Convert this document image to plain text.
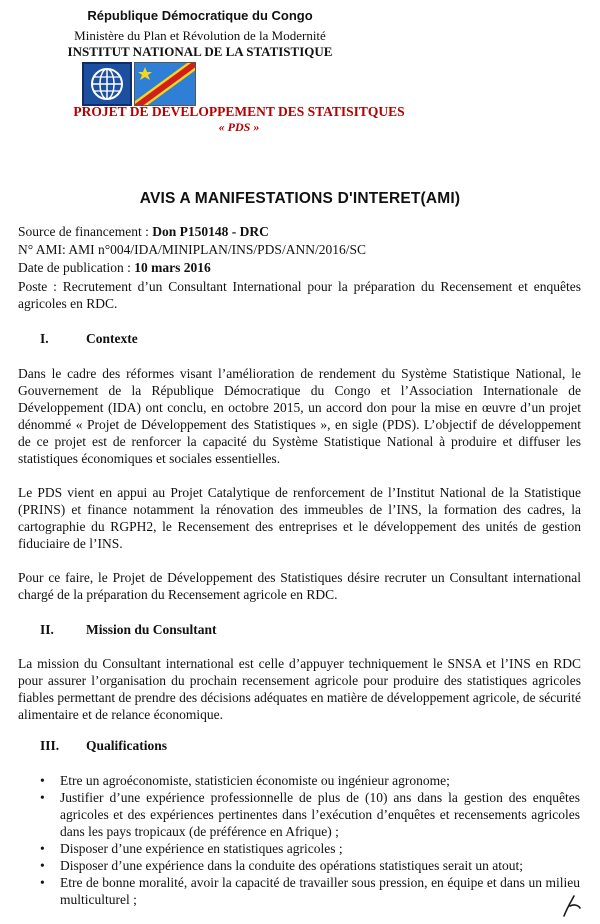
République Démocratique du Congo
Ministère du Plan et Révolution de la Modernité
INSTITUT NATIONAL DE LA STATISTIQUE
PROJET DE DEVELOPPEMENT DES STATISITQUES
« PDS »
AVIS A MANIFESTATIONS D'INTERET(AMI)
Source de financement : Don P150148 - DRC
N° AMI: AMI n°004/IDA/MINIPLAN/INS/PDS/ANN/2016/SC
Date de publication : 10 mars 2016

Poste : Recrutement d’un Consultant International pour la préparation du Recensement et enquêtes agricoles en RDC.

I.	Contexte

Dans le cadre des réformes visant l’amélioration de rendement du Système Statistique National, le Gouvernement de la République Démocratique du Congo et l’Association Internationale de Développement (IDA) ont conclu, en octobre 2015, un accord don pour la mise en œuvre d’un projet dénommé « Projet de Développement des Statistiques », en sigle (PDS). L’objectif de développement de ce projet est de renforcer la capacité du Système Statistique National à produire et diffuser les statistiques économiques et sociales essentielles.

Le PDS vient en appui au Projet Catalytique de renforcement de l’Institut National de la Statistique (PRINS) et finance notamment la rénovation des immeubles de l’INS, la formation des cadres, la cartographie du RGPH2, le Recensement des entreprises et le développement des unités de gestion fiduciaire de l’INS.

Pour ce faire, le Projet de Développement des Statistiques désire recruter un Consultant international chargé de la préparation du Recensement agricole en RDC.

II. Mission du Consultant

La mission du Consultant international est celle d’appuyer techniquement le SNSA et l’INS en RDC pour assurer l’organisation du prochain recensement agricole pour produire des statistiques agricoles fiables permettant de prendre des décisions adéquates en matière de développement agricole, de sécurité alimentaire et de relance économique.

III. Qualifications
• Etre un agroéconomiste, statisticien économiste ou ingénieur agronome;
• Justifier d’une expérience professionnelle de plus de (10) ans dans la gestion des enquêtes agricoles et des expériences pertinentes dans l’exécution d’enquêtes et recensements agricoles dans les pays tropicaux (de préférence en Afrique) ;
• Disposer d’une expérience en statistiques agricoles ;
• Disposer d’une expérience dans la conduite des opérations statistiques serait un atout;
• Etre de bonne moralité, avoir la capacité de travailler sous pression, en équipe et dans un milieu multiculturel ;
